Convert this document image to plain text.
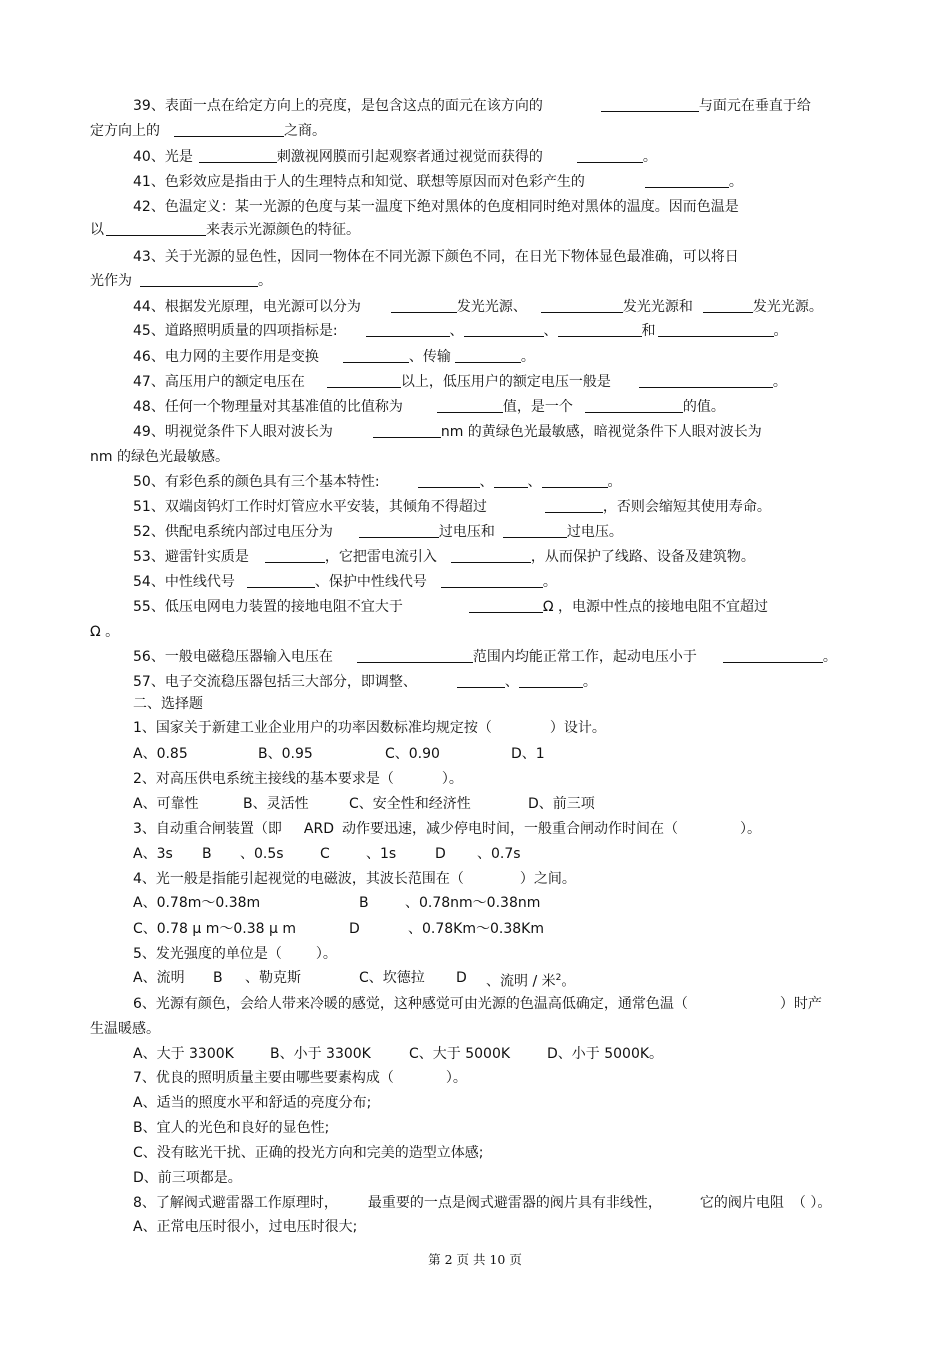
39、表面一点在给定方向上的亮度，是包含这点的面元在该方向的	与面元在垂直于给
定方向上的	之商。
40、光是	刺激视网膜而引起观察者通过视觉而获得的	。
41、色彩效应是指由于人的生理特点和知觉、联想等原因而对色彩产生的	。
42、色温定义：某一光源的色度与某一温度下绝对黑体的色度相同时绝对黑体的温度。因而色温是
以	来表示光源颜色的特征。
43、关于光源的显色性，因同一物体在不同光源下颜色不同，在日光下物体显色最准确，可以将日
光作为	。
44、根据发光原理，电光源可以分为	发光光源、	发光光源和	发光光源。
45、道路照明质量的四项指标是:	、	、	和	。
46、电力网的主要作用是变换	、传输	。
47、高压用户的额定电压在	以上，低压用户的额定电压一般是	。
48、任何一个物理量对其基准值的比值称为	值，是一个	的值。
49、明视觉条件下人眼对波长为	nm 的黄绿色光最敏感，暗视觉条件下人眼对波长为
nm 的绿色光最敏感。
50、有彩色系的颜色具有三个基本特性:	、 、	。
51、双端卤钨灯工作时灯管应水平安装，其倾角不得超过	，否则会缩短其使用寿命。
52、供配电系统内部过电压分为	过电压和	过电压。
53、避雷针实质是	，它把雷电流引入	，从而保护了线路、设备及建筑物。
54、中性线代号	、保护中性线代号	。
55、低压电网电力装置的接地电阻不宜大于	Ω ，电源中性点的接地电阻不宜超过
Ω 。
56、一般电磁稳压器输入电压在	范围内均能正常工作，起动电压小于	。
57、电子交流稳压器包括三大部分，即调整、	、	。
二、选择题
1、国家关于新建工业企业用户的功率因数标准均规定按（	）设计。
A、0.85	B、0.95	C、0.90	D、1
2、对高压供电系统主接线的基本要求是（	）。
A、可靠性	B、灵活性	C、安全性和经济性	D、前三项
3、自动重合闸装置（即 ARD 动作要迅速，减少停电时间，一般重合闸动作时间在（	）。
A、3s B 、0.5s	C	、1s	D 、0.7s
4、光一般是指能引起视觉的电磁波，其波长范围在（	）之间。
A、0.78m～0.38m	B	、0.78nm～0.38nm
C、0.78 μ m～0.38 μ m	D	、0.78Km～0.38Km
5、发光强度的单位是（ ）。
A、流明 B 、勒克斯	C、坎德拉 D 、流明 / 米$^2$。
6、光源有颜色，会给人带来冷暖的感觉，这种感觉可由光源的色温高低确定，通常色温（	）时产
生温暖感。
A、大于 3300K	B、小于 3300K	C、大于 5000K	D、小于 5000K。
7、优良的照明质量主要由哪些要素构成（	）。
A、适当的照度水平和舒适的亮度分布;
B、宜人的光色和良好的显色性;
C、没有眩光干扰、正确的投光方向和完美的造型立体感;
D、前三项都是。
8、了解阀式避雷器工作原理时， 最重要的一点是阀式避雷器的阀片具有非线性，	它的阀片电阻 （ ）。
A、正常电压时很小，过电压时很大;
第 2 页 共 10 页
